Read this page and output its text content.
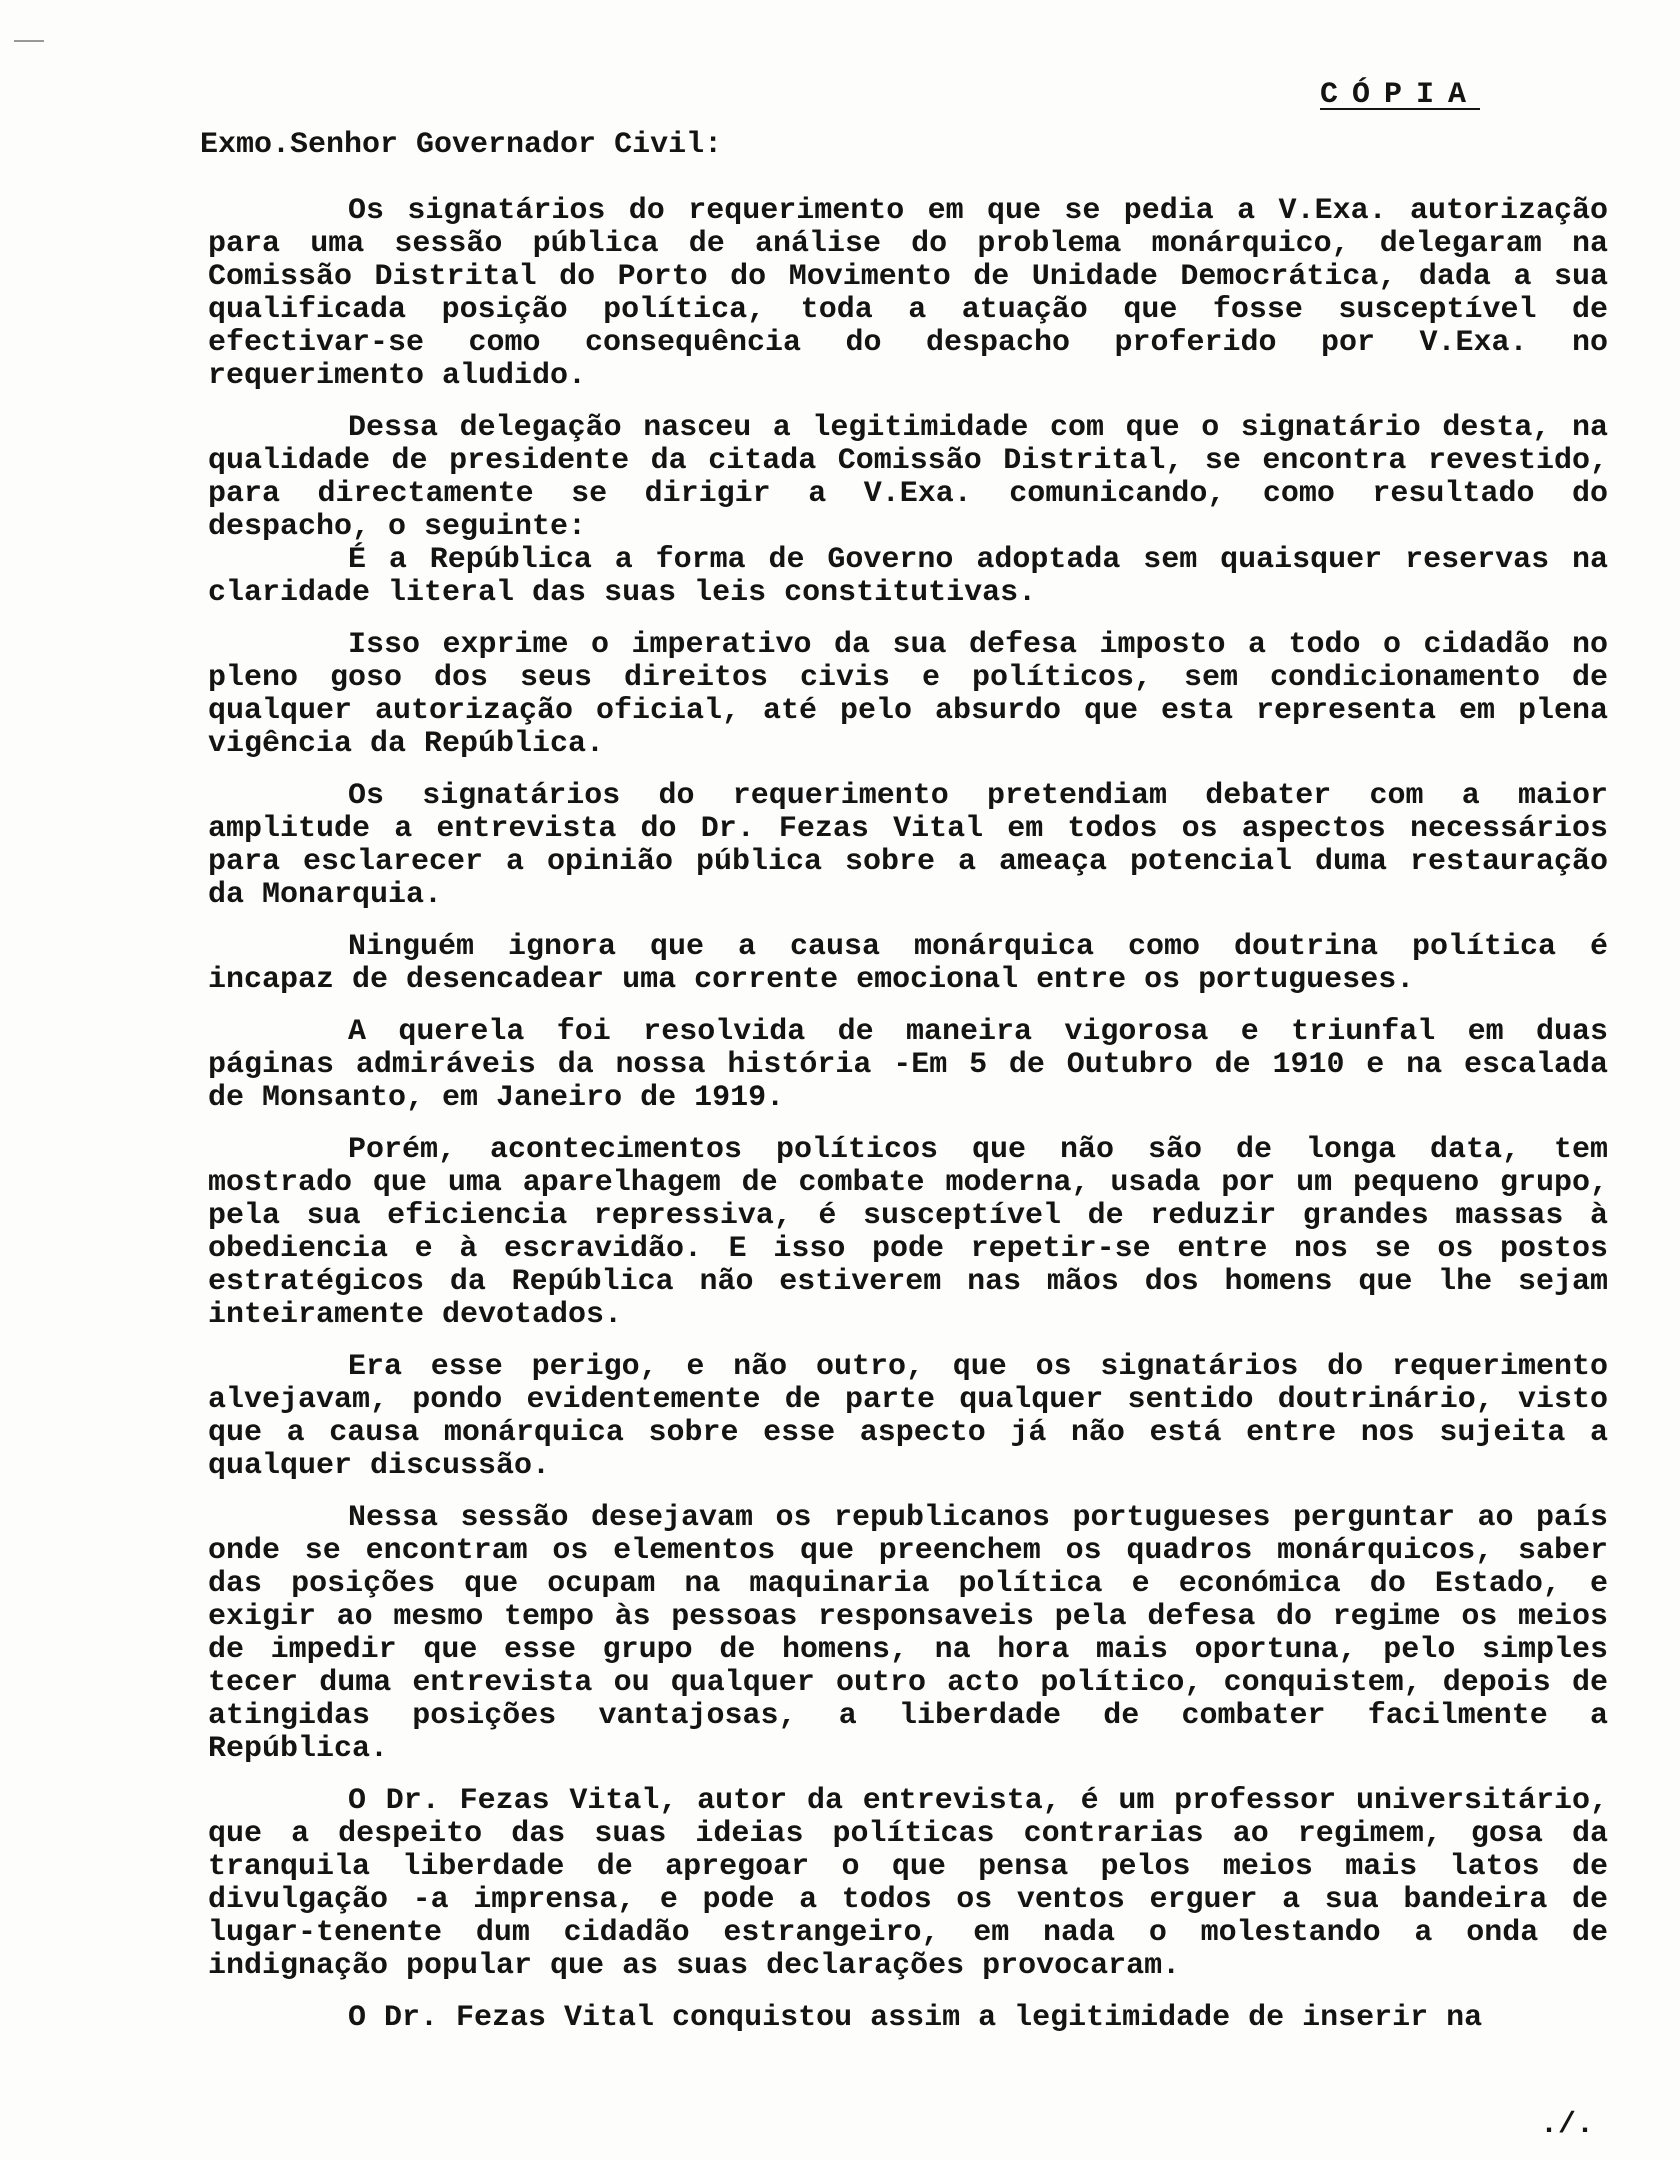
CÓPIA
Exmo.Senhor Governador Civil:

Os signatários do requerimento em que se pedia a V.Exa. autorização para uma sessão pública de análise do problema monárquico, delegaram na Comissão Distrital do Porto do Movimento de Unidade Democrática, dada a sua qualificada posição política, toda a atuação que fosse susceptível de efectivar-se como consequência do despacho proferido por V.Exa. no requerimento aludido.

Dessa delegação nasceu a legitimidade com que o signatário desta, na qualidade de presidente da citada Comissão Distrital, se encontra revestido, para directamente se dirigir a V.Exa. comunicando, como resultado do despacho, o seguinte:

É a República a forma de Governo adoptada sem quaisquer reservas na claridade literal das suas leis constitutivas.

Isso exprime o imperativo da sua defesa imposto a todo o cidadão no pleno goso dos seus direitos civis e políticos, sem condicionamento de qualquer autorização oficial, até pelo absurdo que esta representa em plena vigência da República.

Os signatários do requerimento pretendiam debater com a maior amplitude a entrevista do Dr. Fezas Vital em todos os aspectos necessários para esclarecer a opinião pública sobre a ameaça potencial duma restauração da Monarquia.

Ninguém ignora que a causa monárquica como doutrina política é incapaz de desencadear uma corrente emocional entre os portugueses.

A querela foi resolvida de maneira vigorosa e triunfal em duas páginas admiráveis da nossa história -Em 5 de Outubro de 1910 e na escalada de Monsanto, em Janeiro de 1919.

Porém, acontecimentos políticos que não são de longa data, tem mostrado que uma aparelhagem de combate moderna, usada por um pequeno grupo, pela sua eficiencia repressiva, é susceptível de reduzir grandes massas à obediencia e à escravidão. E isso pode repetir-se entre nos se os postos estratégicos da República não estiverem nas mãos dos homens que lhe sejam inteiramente devotados.

Era esse perigo, e não outro, que os signatários do requerimento alvejavam, pondo evidentemente de parte qualquer sentido doutrinário, visto que a causa monárquica sobre esse aspecto já não está entre nos sujeita a qualquer discussão.

Nessa sessão desejavam os republicanos portugueses perguntar ao país onde se encontram os elementos que preenchem os quadros monárquicos, saber das posições que ocupam na maquinaria política e económica do Estado, e exigir ao mesmo tempo às pessoas responsaveis pela defesa do regime os meios de impedir que esse grupo de homens, na hora mais oportuna, pelo simples tecer duma entrevista ou qualquer outro acto político, conquistem, depois de atingidas posições vantajosas, a liberdade de combater facilmente a República.

O Dr. Fezas Vital, autor da entrevista, é um professor universitário, que a despeito das suas ideias políticas contrarias ao regimem, gosa da tranquila liberdade de apregoar o que pensa pelos meios mais latos de divulgação -a imprensa, e pode a todos os ventos erguer a sua bandeira de lugar-tenente dum cidadão estrangeiro, em nada o molestando a onda de indignação popular que as suas declarações provocaram.

O Dr. Fezas Vital conquistou assim a legitimidade de inserir na

./.
